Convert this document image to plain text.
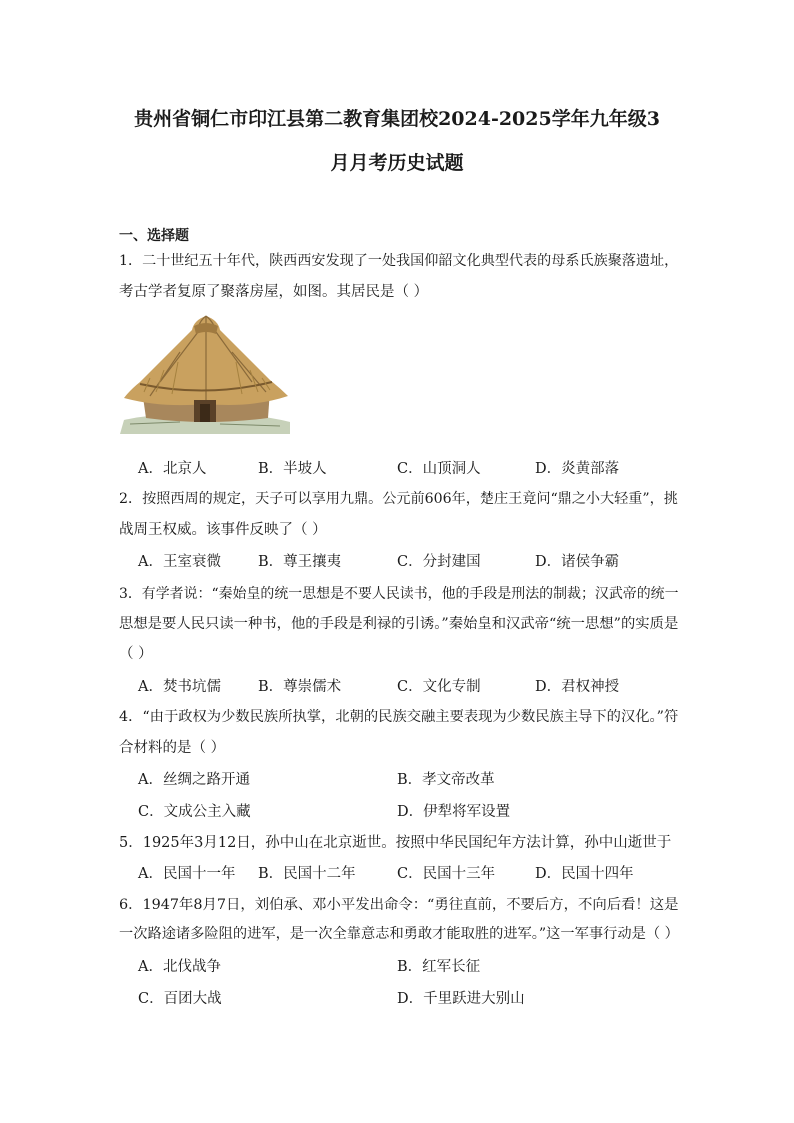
贵州省铜仁市印江县第二教育集团校2024-2025学年九年级3
月月考历史试题
一、选择题
1．二十世纪五十年代，陕西西安发现了一处我国仰韶文化典型代表的母系氏族聚落遗址，
考古学者复原了聚落房屋，如图。其居民是（ ）
A．北京人	B．半坡人	C．山顶洞人	D．炎黄部落
2．按照西周的规定，天子可以享用九鼎。公元前606年，楚庄王竟问“鼎之小大轻重”，挑
战周王权威。该事件反映了（ ）
A．王室衰微	B．尊王攘夷	C．分封建国	D．诸侯争霸
3．有学者说：“秦始皇的统一思想是不要人民读书，他的手段是刑法的制裁；汉武帝的统一
思想是要人民只读一种书，他的手段是利禄的引诱。”秦始皇和汉武帝“统一思想”的实质是
（ ）
A．焚书坑儒	B．尊崇儒术	C．文化专制	D．君权神授
4．“由于政权为少数民族所执掌，北朝的民族交融主要表现为少数民族主导下的汉化。”符
合材料的是（ ）
A．丝绸之路开通	B．孝文帝改革
C．文成公主入藏	D．伊犁将军设置
5．1925年3月12日，孙中山在北京逝世。按照中华民国纪年方法计算，孙中山逝世于
A．民国十一年 B．民国十二年	C．民国十三年	D．民国十四年
6．1947年8月7日，刘伯承、邓小平发出命令：“勇往直前，不要后方，不向后看！这是
一次路途诸多险阻的进军，是一次全靠意志和勇敢才能取胜的进军。”这一军事行动是（ ）
A．北伐战争	B．红军长征
C．百团大战	D．千里跃进大别山
